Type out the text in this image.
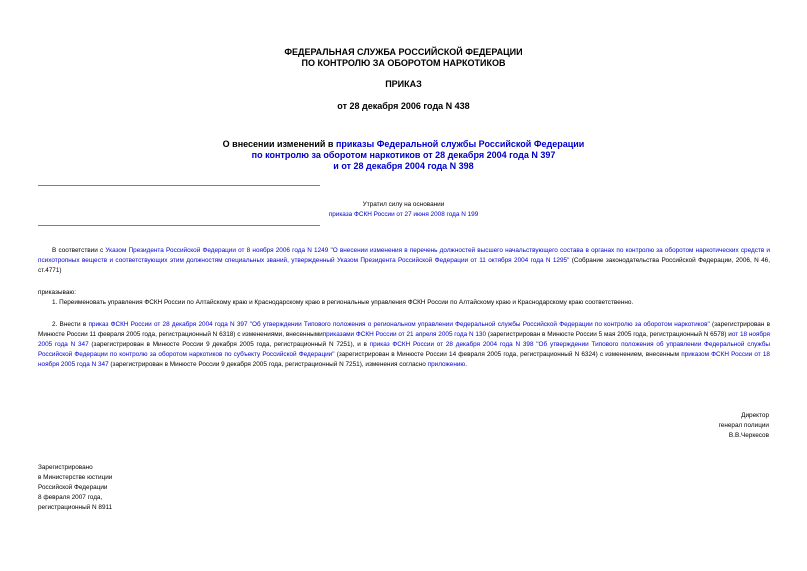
ФЕДЕРАЛЬНАЯ СЛУЖБА РОССИЙСКОЙ ФЕДЕРАЦИИ
ПО КОНТРОЛЮ ЗА ОБОРОТОМ НАРКОТИКОВ
ПРИКАЗ
от 28 декабря 2006 года N 438
О внесении изменений в приказы Федеральной службы Российской Федерации
по контролю за оборотом наркотиков от 28 декабря 2004 года N 397
и от 28 декабря 2004 года N 398
Утратил силу на основании
приказа ФСКН России от 27 июня 2008 года N 199
В соответствии с Указом Президента Российской Федерации от 8 ноября 2006 года N 1249 "О внесении изменения в перечень должностей высшего начальствующего состава в органах по контролю за оборотом наркотических средств и психотропных веществ и соответствующих этим должностям специальных званий, утвержденный Указом Президента Российской Федерации от 11 октября 2004 года N 1295" (Собрание законодательства Российской Федерации, 2006, N 46, ст.4771)
приказываю:
1. Переименовать управления ФСКН России по Алтайскому краю и Краснодарскому краю в региональные управления ФСКН России по Алтайскому краю и Краснодарскому краю соответственно.
2. Внести в приказ ФСКН России от 28 декабря 2004 года N 397 "Об утверждении Типового положения о региональном управлении Федеральной службы Российской Федерации по контролю за оборотом наркотиков" (зарегистрирован в Минюсте России 11 февраля 2005 года, регистрационный N 6318) с изменениями, внесеннымиприказами ФСКН России от 21 апреля 2005 года N 130 (зарегистрирован в Минюсте России 5 мая 2005 года, регистрационный N 6578) иот 18 ноября 2005 года N 347 (зарегистрирован в Минюсте России 9 декабря 2005 года, регистрационный N 7251), и в приказ ФСКН России от 28 декабря 2004 года N 398 "Об утверждении Типового положения об управлении Федеральной службы Российской Федерации по контролю за оборотом наркотиков по субъекту Российской Федерации" (зарегистрирован в Минюсте России 14 февраля 2005 года, регистрационный N 6324) с изменением, внесенным приказом ФСКН России от 18 ноября 2005 года N 347 (зарегистрирован в Минюсте России 9 декабря 2005 года, регистрационный N 7251), изменения согласно приложению.
Директор
генерал полиции
В.В.Черкесов
Зарегистрировано
в Министерстве юстиции
Российской Федерации
8 февраля 2007 года,
регистрационный N 8911
